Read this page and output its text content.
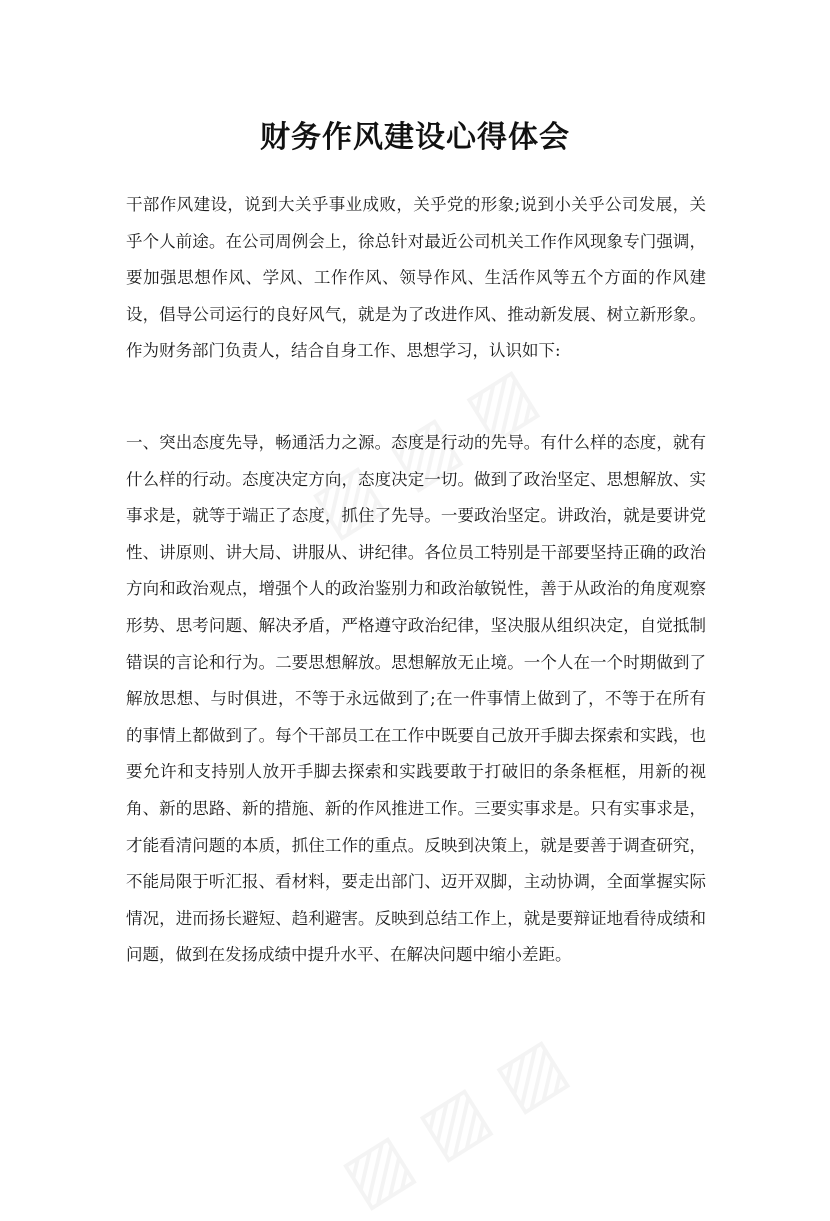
财务作风建设心得体会

干部作风建设，说到大关乎事业成败，关乎党的形象;说到小关乎公司发展，关乎个人前途。在公司周例会上，徐总针对最近公司机关工作作风现象专门强调，要加强思想作风、学风、工作作风、领导作风、生活作风等五个方面的作风建设，倡导公司运行的良好风气，就是为了改进作风、推动新发展、树立新形象。作为财务部门负责人，结合自身工作、思想学习，认识如下:

一、突出态度先导，畅通活力之源。态度是行动的先导。有什么样的态度，就有什么样的行动。态度决定方向，态度决定一切。做到了政治坚定、思想解放、实事求是，就等于端正了态度，抓住了先导。一要政治坚定。讲政治，就是要讲党性、讲原则、讲大局、讲服从、讲纪律。各位员工特别是干部要坚持正确的政治方向和政治观点，增强个人的政治鉴别力和政治敏锐性，善于从政治的角度观察形势、思考问题、解决矛盾，严格遵守政治纪律，坚决服从组织决定，自觉抵制错误的言论和行为。二要思想解放。思想解放无止境。一个人在一个时期做到了解放思想、与时俱进，不等于永远做到了;在一件事情上做到了，不等于在所有的事情上都做到了。每个干部员工在工作中既要自己放开手脚去探索和实践，也要允许和支持别人放开手脚去探索和实践要敢于打破旧的条条框框，用新的视角、新的思路、新的措施、新的作风推进工作。三要实事求是。只有实事求是，才能看清问题的本质，抓住工作的重点。反映到决策上，就是要善于调查研究，不能局限于听汇报、看材料，要走出部门、迈开双脚，主动协调，全面掌握实际情况，进而扬长避短、趋利避害。反映到总结工作上，就是要辩证地看待成绩和问题，做到在发扬成绩中提升水平、在解决问题中缩小差距。
